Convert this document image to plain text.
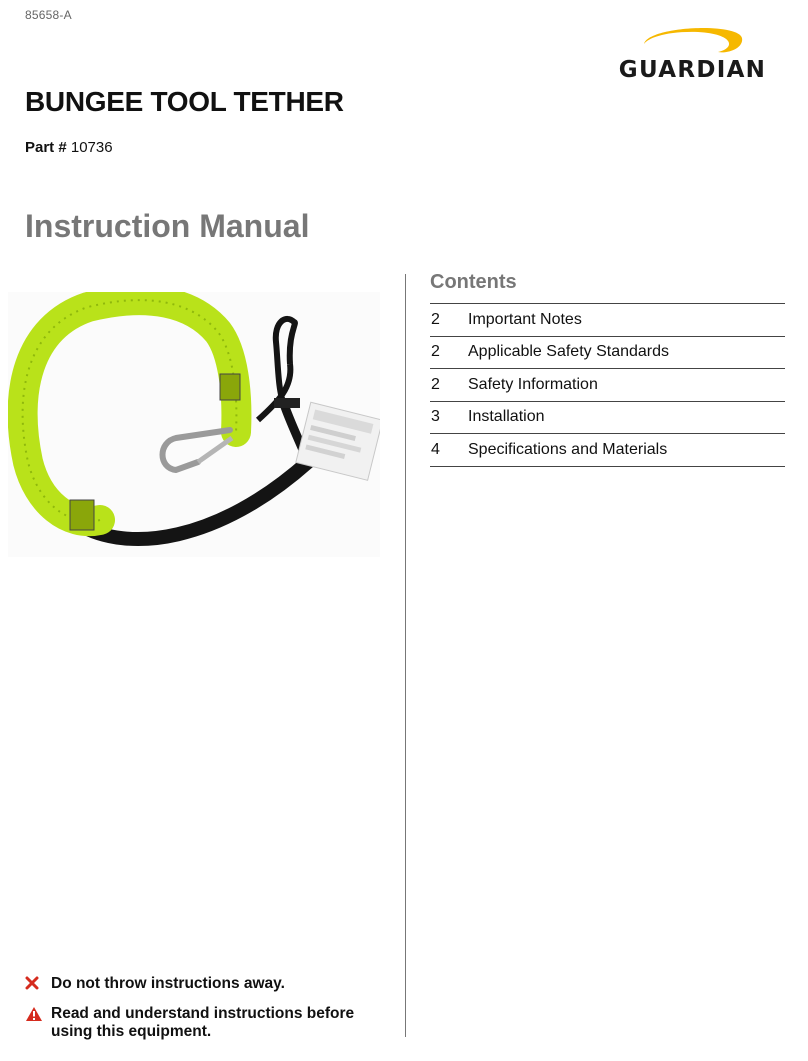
85658-A
GUARDIAN
BUNGEE TOOL TETHER
Part # 10736
Instruction Manual
Contents
2	Important Notes
2	Applicable Safety Standards
2	Safety Information
3	Installation
4	Specifications and Materials
Do not throw instructions away.
Read and understand instructions before using this equipment.
